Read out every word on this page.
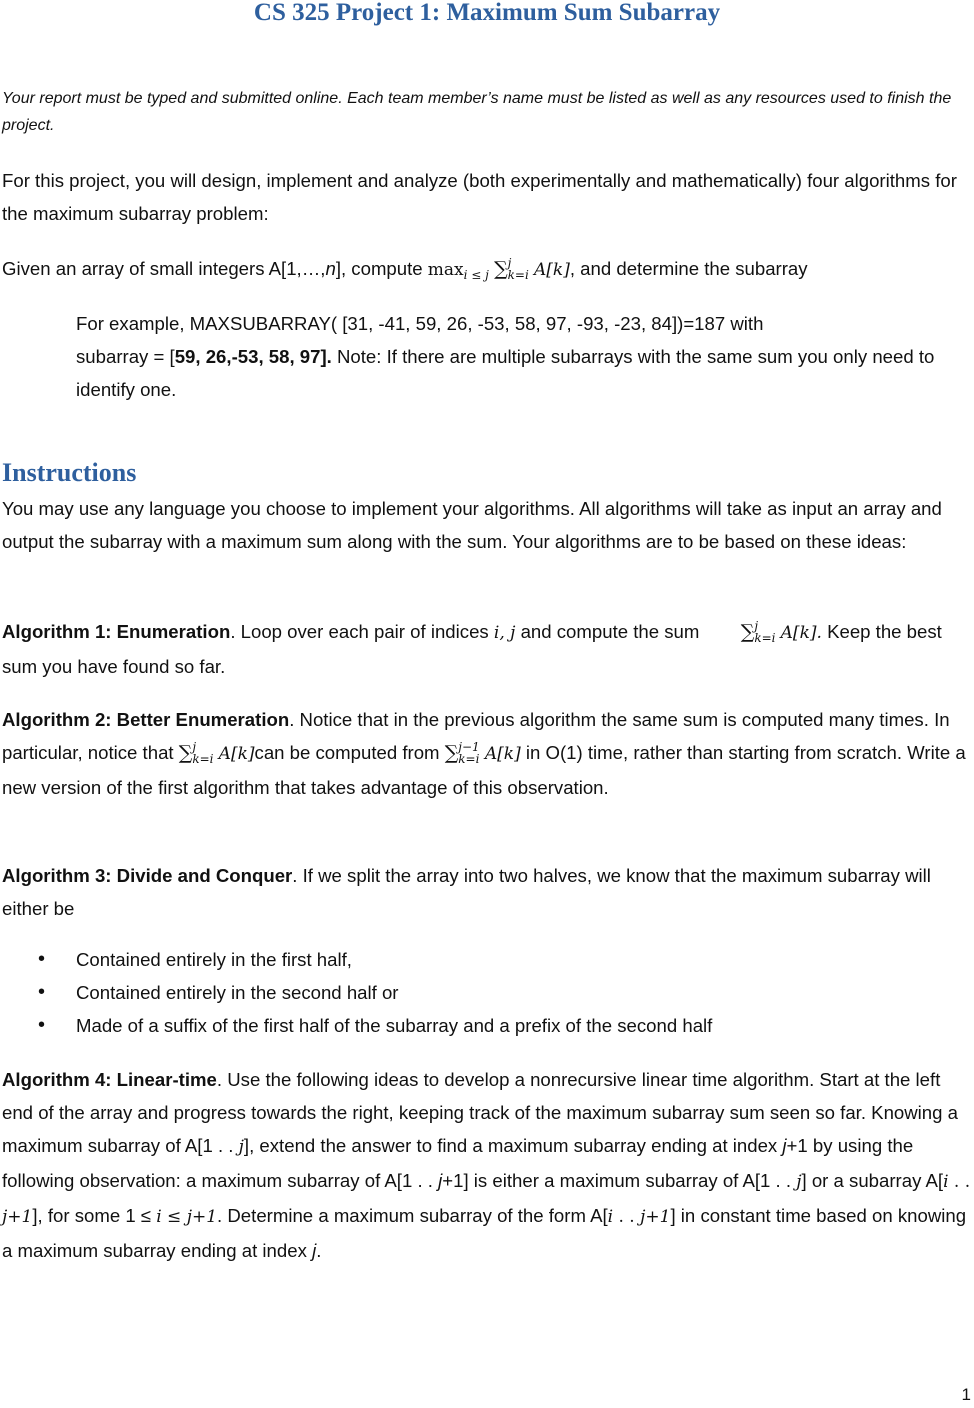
CS 325 Project 1: Maximum Sum Subarray

Your report must be typed and submitted online. Each team member’s name must be listed as well as any resources used to finish the project.

For this project, you will design, implement and analyze (both experimentally and mathematically) four algorithms for the maximum subarray problem:

Given an array of small integers A[1,…,n], compute $\max_{i \le j}$ ∑ j
k=i A[k], and determine the subarray

For example, MAXSUBARRAY( [31, -41, 59, 26, -53, 58, 97, -93, -23, 84])=187 with
subarray = [59, 26,-53, 58, 97]. Note: If there are multiple subarrays with the same sum you only need to identify one.

Instructions

You may use any language you choose to implement your algorithms. All algorithms will take as input an array and output the subarray with a maximum sum along with the sum. Your algorithms are to be based on these ideas:

Algorithm 1: Enumeration. Loop over each pair of indices i, j and compute the sum        ∑ j
k=i A[k]. Keep the best sum you have found so far.

Algorithm 2: Better Enumeration. Notice that in the previous algorithm the same sum is computed many times. In particular, notice that ∑ j
k=i A[k]can be computed from ∑ j−1
k=i A[k] in O(1) time, rather than starting from scratch. Write a new version of the first algorithm that takes advantage of this observation.

Algorithm 3: Divide and Conquer. If we split the array into two halves, we know that the maximum subarray will either be

• Contained entirely in the first half,
• Contained entirely in the second half or
• Made of a suffix of the first half of the subarray and a prefix of the second half

Algorithm 4: Linear-time. Use the following ideas to develop a nonrecursive linear time algorithm. Start at the left end of the array and progress towards the right, keeping track of the maximum subarray sum seen so far. Knowing a maximum subarray of A[1 . . j], extend the answer to find a maximum subarray ending at index j+1 by using the following observation: a maximum subarray of A[1 . . j+1] is either a maximum subarray of A[1 . . j] or a subarray A[i . . j+1], for some 1 ≤ i ≤ j+1. Determine a maximum subarray of the form A[i . . j+1] in constant time based on knowing a maximum subarray ending at index j.

1
